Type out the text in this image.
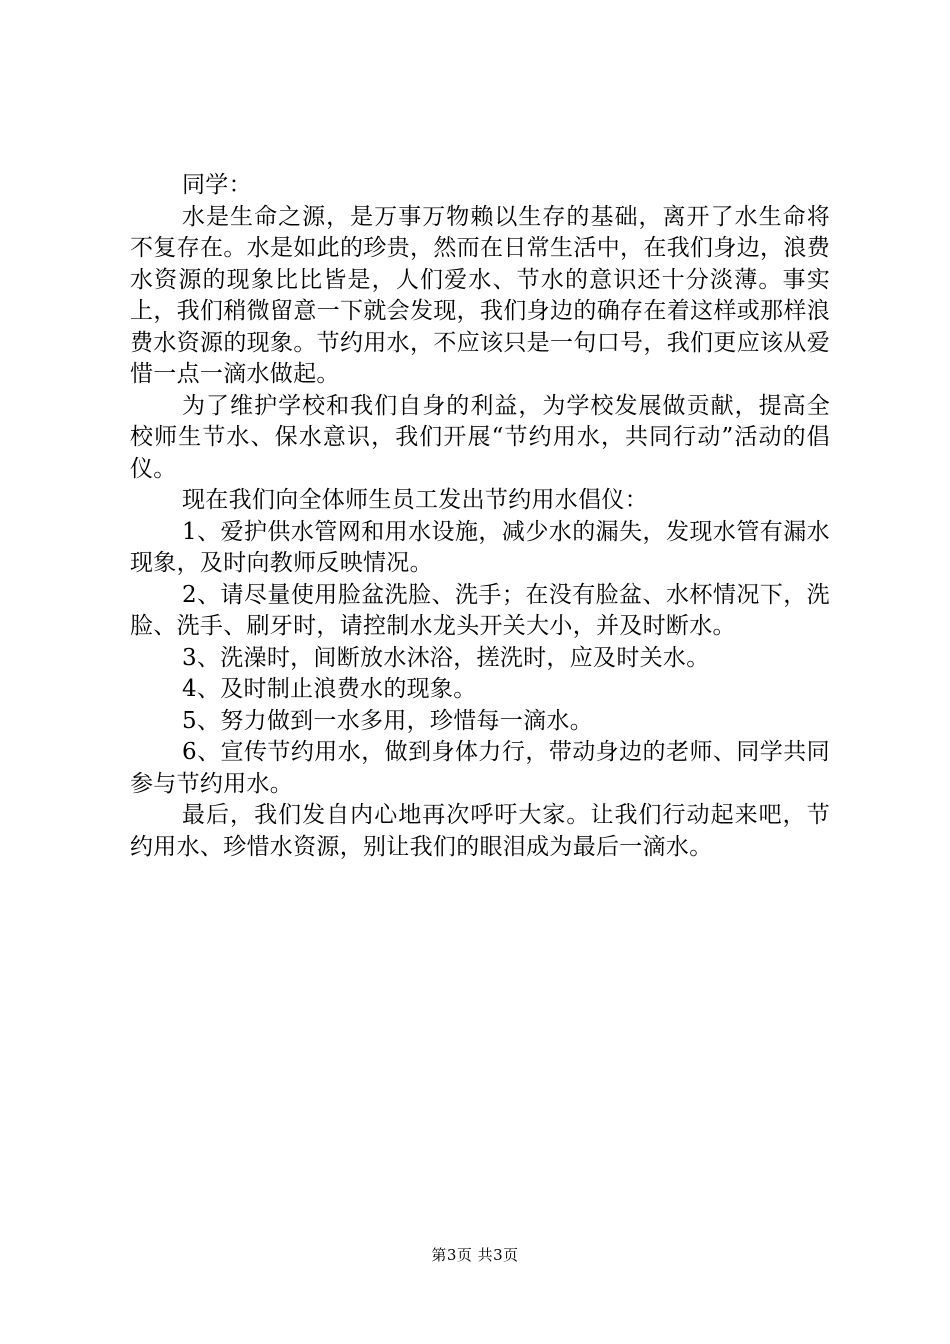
同学：

水是生命之源，是万事万物赖以生存的基础，离开了水生命将不复存在。水是如此的珍贵，然而在日常生活中，在我们身边，浪费水资源的现象比比皆是，人们爱水、节水的意识还十分淡薄。事实上，我们稍微留意一下就会发现，我们身边的确存在着这样或那样浪费水资源的现象。节约用水，不应该只是一句口号，我们更应该从爱惜一点一滴水做起。

为了维护学校和我们自身的利益，为学校发展做贡献，提高全校师生节水、保水意识，我们开展“节约用水，共同行动”活动的倡仪。

现在我们向全体师生员工发出节约用水倡仪：

1、爱护供水管网和用水设施，减少水的漏失，发现水管有漏水现象，及时向教师反映情况。

2、请尽量使用脸盆洗脸、洗手；在没有脸盆、水杯情况下，洗脸、洗手、刷牙时，请控制水龙头开关大小，并及时断水。

3、洗澡时，间断放水沐浴，搓洗时，应及时关水。

4、及时制止浪费水的现象。

5、努力做到一水多用，珍惜每一滴水。

6、宣传节约用水，做到身体力行，带动身边的老师、同学共同参与节约用水。

最后，我们发自内心地再次呼吁大家。让我们行动起来吧，节约用水、珍惜水资源，别让我们的眼泪成为最后一滴水。

第3页 共3页
